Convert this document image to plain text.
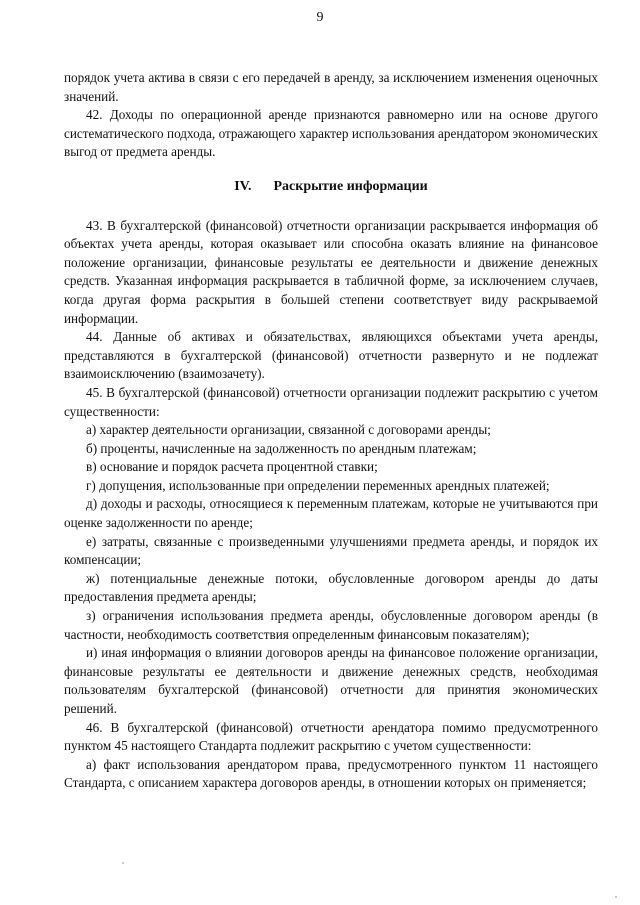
9

порядок учета актива в связи с его передачей в аренду, за исключением изменения оценочных значений.

42. Доходы по операционной аренде признаются равномерно или на основе другого систематического подхода, отражающего характер использования арендатором экономических выгод от предмета аренды.

IV. Раскрытие информации

43. В бухгалтерской (финансовой) отчетности организации раскрывается информация об объектах учета аренды, которая оказывает или способна оказать влияние на финансовое положение организации, финансовые результаты ее деятельности и движение денежных средств. Указанная информация раскрывается в табличной форме, за исключением случаев, когда другая форма раскрытия в большей степени соответствует виду раскрываемой информации.

44. Данные об активах и обязательствах, являющихся объектами учета аренды, представляются в бухгалтерской (финансовой) отчетности развернуто и не подлежат взаимоисключению (взаимозачету).

45. В бухгалтерской (финансовой) отчетности организации подлежит раскрытию с учетом существенности:

а) характер деятельности организации, связанной с договорами аренды;

б) проценты, начисленные на задолженность по арендным платежам;

в) основание и порядок расчета процентной ставки;

г) допущения, использованные при определении переменных арендных платежей;

д) доходы и расходы, относящиеся к переменным платежам, которые не учитываются при оценке задолженности по аренде;

е) затраты, связанные с произведенными улучшениями предмета аренды, и порядок их компенсации;

ж) потенциальные денежные потоки, обусловленные договором аренды до даты предоставления предмета аренды;

з) ограничения использования предмета аренды, обусловленные договором аренды (в частности, необходимость соответствия определенным финансовым показателям);

и) иная информация о влиянии договоров аренды на финансовое положение организации, финансовые результаты ее деятельности и движение денежных средств, необходимая пользователям бухгалтерской (финансовой) отчетности для принятия экономических решений.

46. В бухгалтерской (финансовой) отчетности арендатора помимо предусмотренного пунктом 45 настоящего Стандарта подлежит раскрытию с учетом существенности:

а) факт использования арендатором права, предусмотренного пунктом 11 настоящего Стандарта, с описанием характера договоров аренды, в отношении которых он применяется;
